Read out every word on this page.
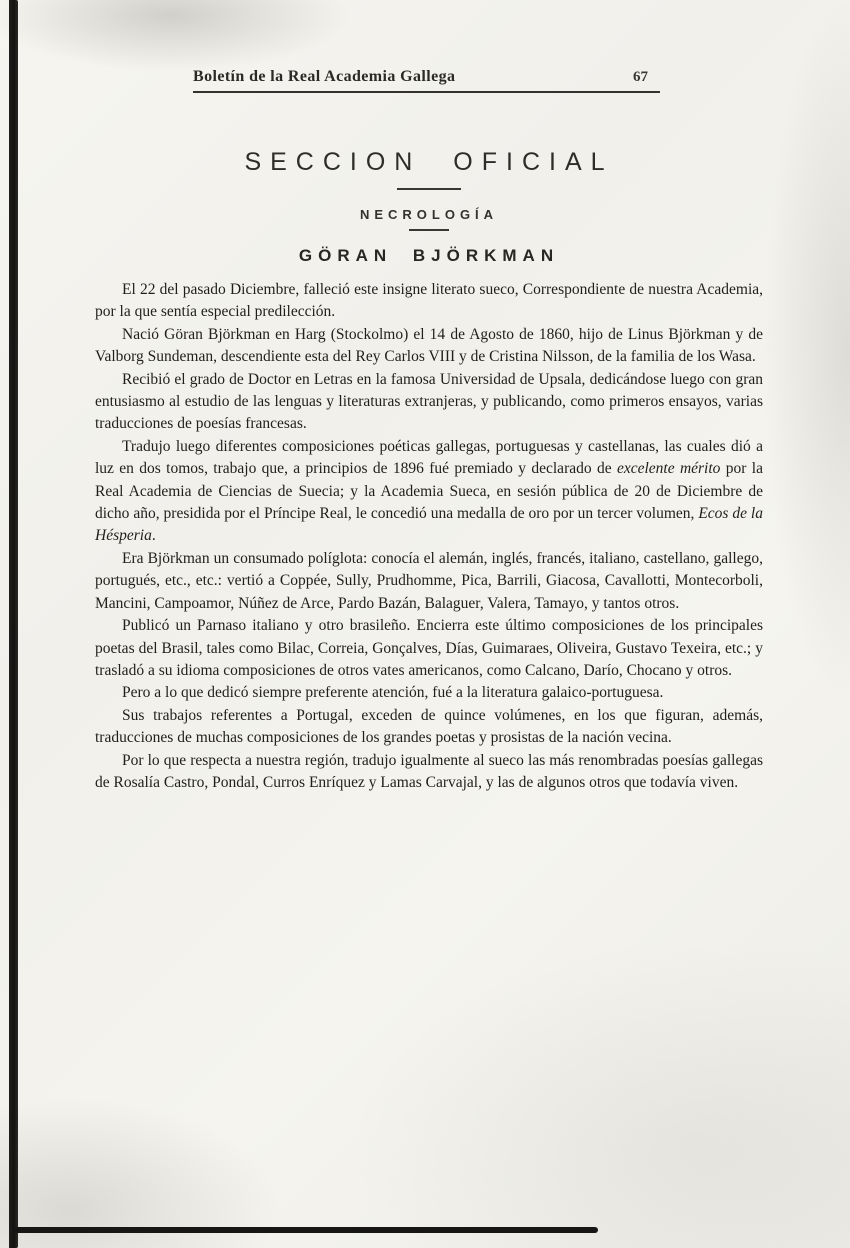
Boletín de la Real Academia Gallega	67
SECCION OFICIAL
NECROLOGÍA
GÖRAN BJÖRKMAN

El 22 del pasado Diciembre, falleció este insigne literato sueco, Correspondiente de nuestra Academia, por la que sentía especial predilección.

Nació Göran Björkman en Harg (Stockolmo) el 14 de Agosto de 1860, hijo de Linus Björkman y de Valborg Sundeman, descendiente esta del Rey Carlos VIII y de Cristina Nilsson, de la familia de los Wasa.

Recibió el grado de Doctor en Letras en la famosa Universidad de Upsala, dedicándose luego con gran entusiasmo al estudio de las lenguas y literaturas extranjeras, y publicando, como primeros ensayos, varias traducciones de poesías francesas.

Tradujo luego diferentes composiciones poéticas gallegas, portuguesas y castellanas, las cuales dió a luz en dos tomos, trabajo que, a principios de 1896 fué premiado y declarado de excelente mérito por la Real Academia de Ciencias de Suecia; y la Academia Sueca, en sesión pública de 20 de Diciembre de dicho año, presidida por el Príncipe Real, le concedió una medalla de oro por un tercer volumen, Ecos de la Hésperia.

Era Björkman un consumado políglota: conocía el alemán, inglés, francés, italiano, castellano, gallego, portugués, etc., etc.: vertió a Coppée, Sully, Prudhomme, Pica, Barrili, Giacosa, Cavallotti, Montecorboli, Mancini, Campoamor, Núñez de Arce, Pardo Bazán, Balaguer, Valera, Tamayo, y tantos otros.

Publicó un Parnaso italiano y otro brasileño. Encierra este último composiciones de los principales poetas del Brasil, tales como Bilac, Correia, Gonçalves, Días, Guimaraes, Oliveira, Gustavo Texeira, etc.; y trasladó a su idioma composiciones de otros vates americanos, como Calcano, Darío, Chocano y otros.

Pero a lo que dedicó siempre preferente atención, fué a la literatura galaico-portuguesa.

Sus trabajos referentes a Portugal, exceden de quince volúmenes, en los que figuran, además, traducciones de muchas composiciones de los grandes poetas y prosistas de la nación vecina.

Por lo que respecta a nuestra región, tradujo igualmente al sueco las más renombradas poesías gallegas de Rosalía Castro, Pondal, Curros Enríquez y Lamas Carvajal, y las de algunos otros que todavía viven.
